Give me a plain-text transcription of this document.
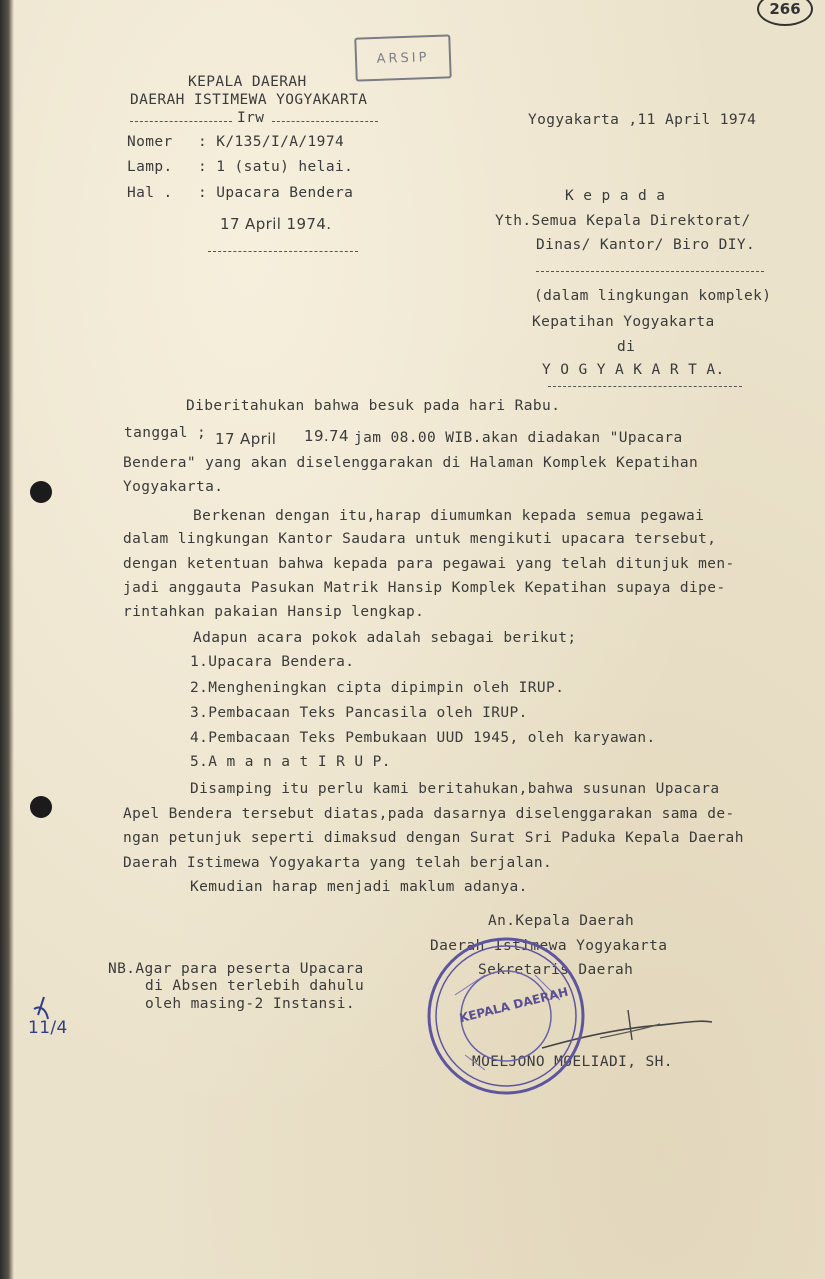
ARSIP
266
KEPALA DAERAH
DAERAH ISTIMEWA YOGYAKARTA
Irw
Nomer : K/135/I/A/1974
Lamp. : 1 (satu) helai.
Hal . : Upacara Bendera
17 April 1974.
Yogyakarta ,11 April 1974
K e p a d a
Yth.Semua Kepala Direktorat/
Dinas/ Kantor/ Biro DIY.
(dalam lingkungan komplek)
Kepatihan Yogyakarta
di
Y O G Y A K A R T A.
Diberitahukan bahwa besuk pada hari Rabu.
tanggal ; 17 April 19.74 jam 08.00 WIB.akan diadakan "Upacara
Bendera" yang akan diselenggarakan di Halaman Komplek Kepatihan
Yogyakarta.
Berkenan dengan itu,harap diumumkan kepada semua pegawai
dalam lingkungan Kantor Saudara untuk mengikuti upacara tersebut,
dengan ketentuan bahwa kepada para pegawai yang telah ditunjuk men-
jadi anggauta Pasukan Matrik Hansip Komplek Kepatihan supaya dipe-
rintahkan pakaian Hansip lengkap.
Adapun acara pokok adalah sebagai berikut;
1.Upacara Bendera.
2.Mengheningkan cipta dipimpin oleh IRUP.
3.Pembacaan Teks Pancasila oleh IRUP.
4.Pembacaan Teks Pembukaan UUD 1945, oleh karyawan.
5.A m a n a t I R U P.
Disamping itu perlu kami beritahukan,bahwa susunan Upacara
Apel Bendera tersebut diatas,pada dasarnya diselenggarakan sama de-
ngan petunjuk seperti dimaksud dengan Surat Sri Paduka Kepala Daerah
Daerah Istimewa Yogyakarta yang telah berjalan.
Kemudian harap menjadi maklum adanya.
An.Kepala Daerah
Daerah Istimewa Yogyakarta
Sekretaris Daerah
MOELJONO MOELIADI, SH.
KEPALA DAERAH
NB.Agar para peserta Upacara
di Absen terlebih dahulu
oleh masing-2 Instansi.
11/4
